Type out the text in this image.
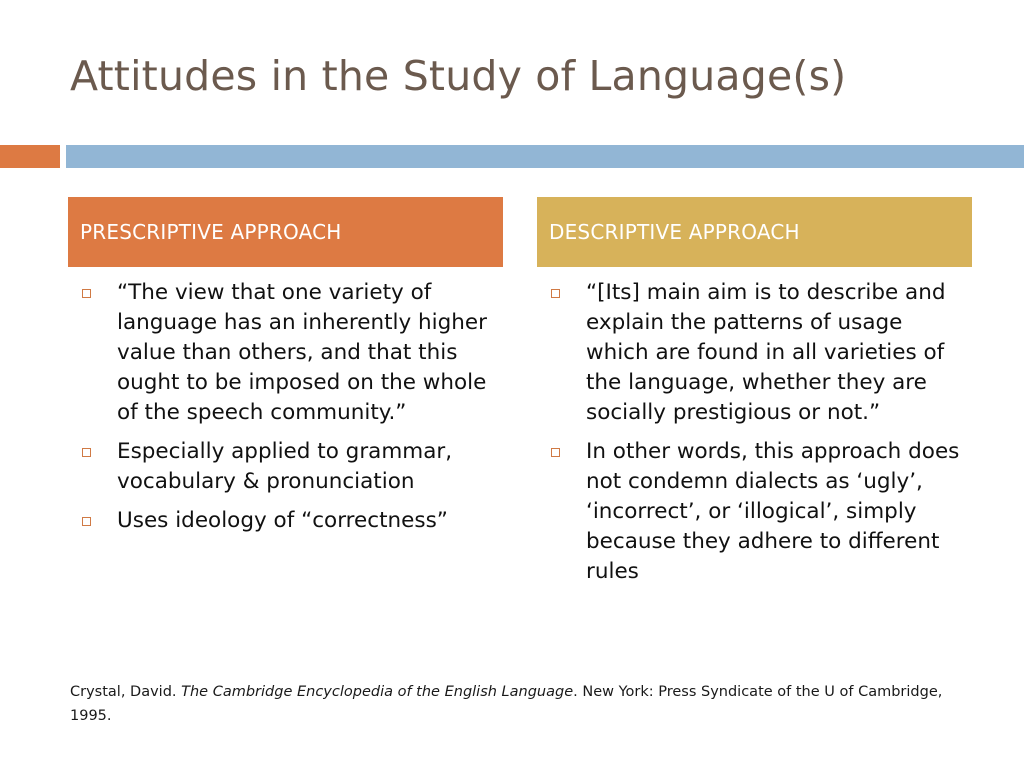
Attitudes in the Study of Language(s)
PRESCRIPTIVE APPROACH	DESCRIPTIVE APPROACH
“The view that one variety of language has an inherently higher value than others, and that this ought to be imposed on the whole of the speech community.”
Especially applied to grammar, vocabulary & pronunciation
Uses ideology of “correctness”
“[Its] main aim is to describe and explain the patterns of usage which are found in all varieties of the language, whether they are socially prestigious or not.”
In other words, this approach does not condemn dialects as ‘ugly’, ‘incorrect’, or ‘illogical’, simply because they adhere to different rules
Crystal, David. The Cambridge Encyclopedia of the English Language. New York: Press Syndicate of the U of Cambridge, 1995.
